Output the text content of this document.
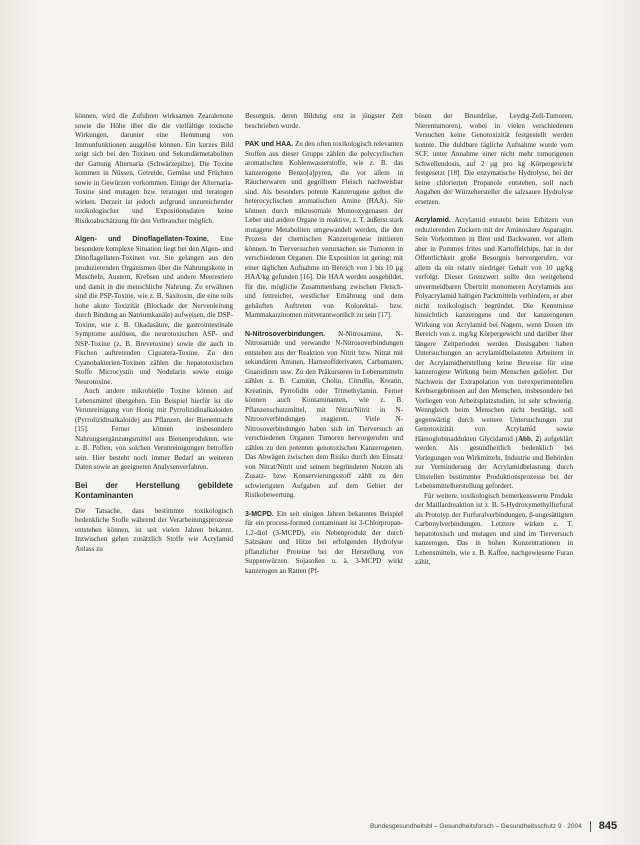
können, wird die Zufuhren wirksamen Zearalenone sowie die Höhe über die die vielfältige toxische Wirkungen, darunter eine Hemmung von Immunfunktionen ausgelöst können. Ein kurzes Bild zeigt sich bei den Toxinen und Sekundärmetaboliten der Gattung Alternaria (Schwärzepilze). Die Toxine kommen in Nüssen, Getreide, Gemüse und Früchten sowie in Gewürzen vorkommen. Einige der Alternaria-Toxine sind mutagen bzw. teratogen und teratogen wirken. Derzeit ist jedoch aufgrund unzureichender toxikologischer und Expositionsdaten keine Risikoabschätzung für den Verbraucher möglich.

Algen- und Dinoflagellaten-Toxine. Eine besondere komplexe Situation liegt bei den Algen- und Dinoflagellaten-Toxinen vor. Sie gelangen aus den produzierenden Organismen über die Nahrungskette in Muscheln, Austern, Krebsen und andere Meerestiere und damit in die menschliche Nahrung. Zu erwähnen sind die PSP-Toxine, wie z. B. Saxitoxin, die eine teils hohe akute Toxizität (Blockade der Nervenleitung durch Bindung an Natriumkanäle) aufweisen, die DSP-Toxine, wie z. B. Okadasäure, die gastrointestinale Symptome auslösen, die neurotoxischen ASP- und NSP-Toxine (z. B. Brevetoxine) sowie die auch in Fischen auftretenden Ciguatera-Toxine. Zu den Cyanobakterien-Toxinen zählen die hepatotoxischen Stoffe Microcystin und Nodularin sowie einige Neurotoxine.

Auch andere mikrobielle Toxine können auf Lebensmittel übergehen. Ein Beispiel hierfür ist die Verunreinigung von Honig mit Pyrrolizidinalkaloiden (Pyrrolizidinalkaloide) aus Pflanzen, der Bienentracht [15]. Ferner können insbesondere Nahrungsergänzungsmittel aus Bienenprodukten, wie z. B. Pollen, von solchen Verunreinigungen betroffen sein. Hier besteht noch immer Bedarf an weiteren Daten sowie an geeigneten Analysenverfahren.

Bei der Herstellung gebildete Kontaminanten

Die Tatsache, dass bestimmte toxikologisch bedenkliche Stoffe während der Verarbeitungsprozesse entstehen können, ist seit vielen Jahren bekannt. Inzwischen gehen zusätzlich Stoffe wie Acrylamid Anlass zu

Besorgnis, deren Bildung erst in jüngster Zeit beschrieben wurde.

PAK und HAA. Zu den often toxikologisch relevanten Stoffen aus dieser Gruppe zählen die polycyclischen aromatischen Kohlenwasserstoffe, wie z. B. das kanzerogene Benzo[a]pyren, die vor allem in Räucherwaren und gegrilltem Fleisch nachweisbar sind. Als besonders potente Kanzerogene gelten die heterocyclischen aromatischen Amine (HAA). Sie können durch mikrosomale Monooxygenasen der Leber und andere Organe in reaktive, z. T. äußerst stark mutagene Metaboliten umgewandelt werden, die den Prozess der chemischen Kanzerogenese initiieren können. In Tierversuchen verursachen sie Tumoren in verschiedenen Organen. Die Exposition ist gering; mit einer täglichen Aufnahme im Bereich von 1 bis 10 µg HAA/kg gefunden [16]. Die HAA werden ausgebildet, für die, mögliche Zusammenhang zwischen Fleisch- und fettreicher, westlicher Ernährung und dem gehäuften Auftreten von Kolorektal- bzw. Mammakarzinomen mitverantwortlich zu sein [17].

N-Nitrosoverbindungen. N-Nitrosamine, N-Nitrosamide und verwandte N-Nitrosoverbindungen entstehen aus der Reaktion von Nitrit bzw. Nitrat mit sekundären Aminen, Harnstoffderivaten, Carbamaten, Guanidinen usw. Zu den Präkursoren in Lebensmitteln zählen z. B. Carnitin, Cholin, Citrullin, Kreatin, Kreatinin, Pyrrolidin oder Trimethylamin. Ferner können auch Kontaminanten, wie z. B. Pflanzenschutzmittel, mit Nitrat/Nitrit in N-Nitrosoverbindungen reagieren. Viele N-Nitrosoverbindungen haben sich im Tierversuch an verschiedenen Organen Tumoren hervorgerufen und zählen zu den potenten genotoxischen Kanzerogenen. Das Abwägen zwischen dem Risiko durch den Einsatz von Nitrat/Nitrit und seinem begründeten Nutzen als Zusatz- bzw. Konservierungsstoff zählt zu den schwierigsten Aufgaben auf dem Gebiet der Risikobewertung.

3-MCPD. Ein seit einigen Jahren bekanntes Beispiel für ein process-formed contaminant ist 3-Chlorpropan-1,2-diol (3-MCPD), ein Nebenprodukt der durch Salzsäure und Hitze bei erfolgenden Hydrolyse pflanzlicher Proteine bei der Herstellung von Suppenwürzen. Sojasoßen u. ä. 3-MCPD wirkt kanzerogen an Ratten (Pf-

bösen der Brustdrüse, Leydig-Zell-Tumoren, Nierentumoren), wobei in vielen verschiedenen Versuchen keine Genotoxizität festgestellt werden konnte. Die duldbare tägliche Aufnahme wurde vom SCF, unter Annahme einer nicht mehr tumorigenen Schwellendosis, auf 2 µg pro kg Körpergewicht festgesetzt [18]. Die enzymatische Hydrolyse, bei der keine chlorierten Propanole entstehen, soll nach Angaben der Würzehersteller die salzsaure Hydrolyse ersetzen.

Acrylamid. Acrylamid entsteht beim Erhitzen von reduzierenden Zuckern mit der Aminosäure Asparagin. Sein Vorkommen in Brot und Backwaren, vor allem aber in Pommes frites und Kartoffelchips, hat in der Öffentlichkeit große Besorgnis hervorgerufen, vor allem da ein relativ niedriger Gehalt von 10 µg/kg verfolgt. Dieser Grenzwert sollte den weitgehend unvermeidbaren Übertritt monomeren Acrylamids aus Polyacrylamid haltigen Packmitteln verhindern, er aber nicht toxikologisch begründet. Die Kenntnisse hinsichtlich kanzerogene und der kanzerogenen Wirkung von Acrylamid bei Nagern, wenn Dosen im Bereich von z. mg/kg Körpergewicht und darüber über längere Zeitperioden werden Dosisgaben haben Untersuchungen an acrylamidbelasteten Arbeitern in der Acrylamidherstellung keine Beweise für eine kanzerogene Wirkung beim Menschen geliefert. Der Nachweis der Extrapolation von tierexperimentellen Krebsergebnissen auf den Menschen, insbesondere bei Vorliegen von Arbeitsplatzstudien, ist sehr schwierig. Wenngleich beim Menschen nicht bestätigt, soll gegenwärtig durch weitere Untersuchungen zur Genotoxizität von Acrylamid sowie Hämoglobinaddukten Glycidamid (Abb. 2) aufgeklärt werden. Als gesundheitlich bedenklich bei Vorlegungen von Wirkmitteln, Industrie und Behörden zur Verminderung der Acrylamidbelastung durch Umstellen bestimmter Produktionsprozesse bei der Lebensmittelherstellung gefordert.

Für weitere, toxikologisch bemerkenswerte Produkt der Maillardreaktion ist z. B. 5-Hydroxymethylfurfural als Prototyp der Furfuralverbindungen, β-ungesättigten Carbonylverbindungen. Letztere wirken z. T. hepatotoxisch und mutagen und sind im Tierversuch kanzerogen. Das in hohen Konzentrationen in Lebensmitteln, wie z. B. Kaffee, nachgewiesene Furan zählt,

Bundesgesundheitsbl – Gesundheitsforsch – Gesundheitsschutz 9 · 2004 845
